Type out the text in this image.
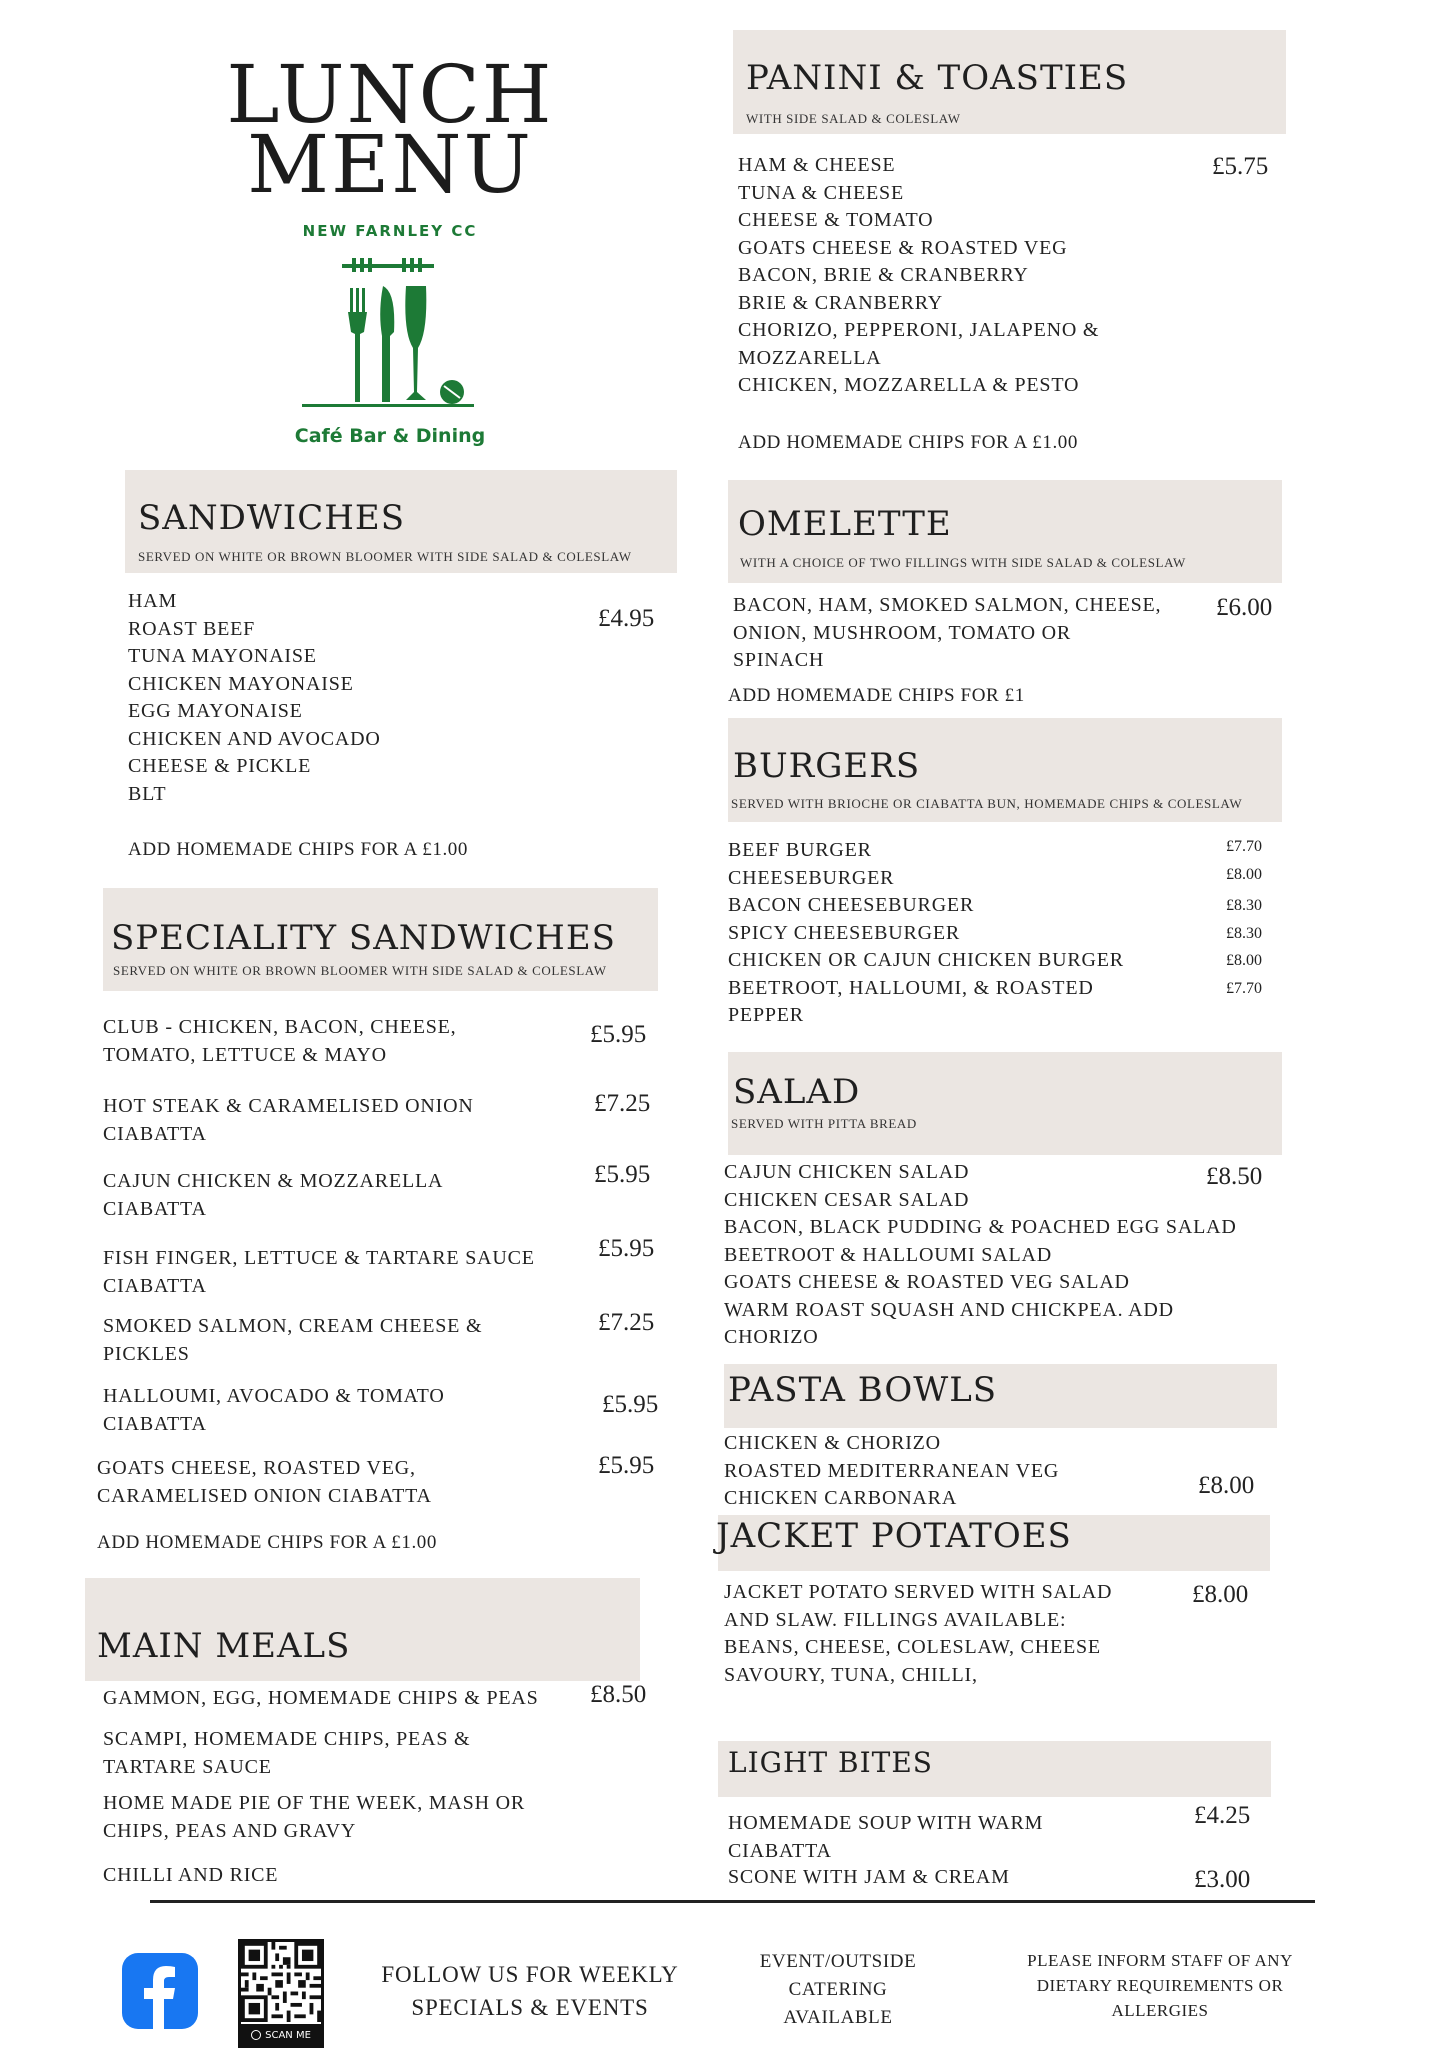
LUNCH
MENU
NEW FARNLEY CC
Café Bar & Dining
SANDWICHES
SERVED ON WHITE OR BROWN BLOOMER WITH SIDE SALAD & COLESLAW
HAM
ROAST BEEF
TUNA MAYONAISE
CHICKEN MAYONAISE
EGG MAYONAISE
CHICKEN AND AVOCADO
CHEESE & PICKLE
BLT
£4.95
ADD HOMEMADE CHIPS FOR A £1.00
SPECIALITY SANDWICHES
SERVED ON WHITE OR BROWN BLOOMER WITH SIDE SALAD & COLESLAW
CLUB - CHICKEN, BACON, CHEESE,
TOMATO, LETTUCE & MAYO
£5.95
HOT STEAK & CARAMELISED ONION
CIABATTA
£7.25
CAJUN CHICKEN & MOZZARELLA
CIABATTA
£5.95
FISH FINGER, LETTUCE & TARTARE SAUCE
CIABATTA
£5.95
SMOKED SALMON, CREAM CHEESE &
PICKLES
£7.25
HALLOUMI, AVOCADO & TOMATO
CIABATTA
£5.95
GOATS CHEESE, ROASTED VEG,
CARAMELISED ONION CIABATTA
£5.95
ADD HOMEMADE CHIPS FOR A £1.00
MAIN MEALS
GAMMON, EGG, HOMEMADE CHIPS & PEAS £8.50
SCAMPI, HOMEMADE CHIPS, PEAS &
TARTARE SAUCE
HOME MADE PIE OF THE WEEK, MASH OR
CHIPS, PEAS AND GRAVY
CHILLI AND RICE
PANINI & TOASTIES
WITH SIDE SALAD & COLESLAW
HAM & CHEESE
TUNA & CHEESE
CHEESE & TOMATO
GOATS CHEESE & ROASTED VEG
BACON, BRIE & CRANBERRY
BRIE & CRANBERRY
CHORIZO, PEPPERONI, JALAPENO &
MOZZARELLA
CHICKEN, MOZZARELLA & PESTO
£5.75
ADD HOMEMADE CHIPS FOR A £1.00
OMELETTE
WITH A CHOICE OF TWO FILLINGS WITH SIDE SALAD & COLESLAW
BACON, HAM, SMOKED SALMON, CHEESE,
ONION, MUSHROOM, TOMATO OR
SPINACH
£6.00
ADD HOMEMADE CHIPS FOR £1
BURGERS
SERVED WITH BRIOCHE OR CIABATTA BUN, HOMEMADE CHIPS & COLESLAW
BEEF BURGER
CHEESEBURGER
BACON CHEESEBURGER
SPICY CHEESEBURGER
CHICKEN OR CAJUN CHICKEN BURGER
BEETROOT, HALLOUMI, & ROASTED
PEPPER
£7.70
£8.00
£8.30
£8.30
£8.00
£7.70
SALAD
SERVED WITH PITTA BREAD
CAJUN CHICKEN SALAD
CHICKEN CESAR SALAD
BACON, BLACK PUDDING & POACHED EGG SALAD
BEETROOT & HALLOUMI SALAD
GOATS CHEESE & ROASTED VEG SALAD
WARM ROAST SQUASH AND CHICKPEA. ADD
CHORIZO
£8.50
PASTA BOWLS
CHICKEN & CHORIZO
ROASTED MEDITERRANEAN VEG
CHICKEN CARBONARA	£8.00
JACKET POTATOES
JACKET POTATO SERVED WITH SALAD
AND SLAW. FILLINGS AVAILABLE:
BEANS, CHEESE, COLESLAW, CHEESE
SAVOURY, TUNA, CHILLI,
£8.00
LIGHT BITES
HOMEMADE SOUP WITH WARM
CIABATTA
£4.25
SCONE WITH JAM & CREAM	£3.00
SCAN ME
FOLLOW US FOR WEEKLY
SPECIALS & EVENTS
EVENT/OUTSIDE
CATERING
AVAILABLE
PLEASE INFORM STAFF OF ANY
DIETARY REQUIREMENTS OR
ALLERGIES
